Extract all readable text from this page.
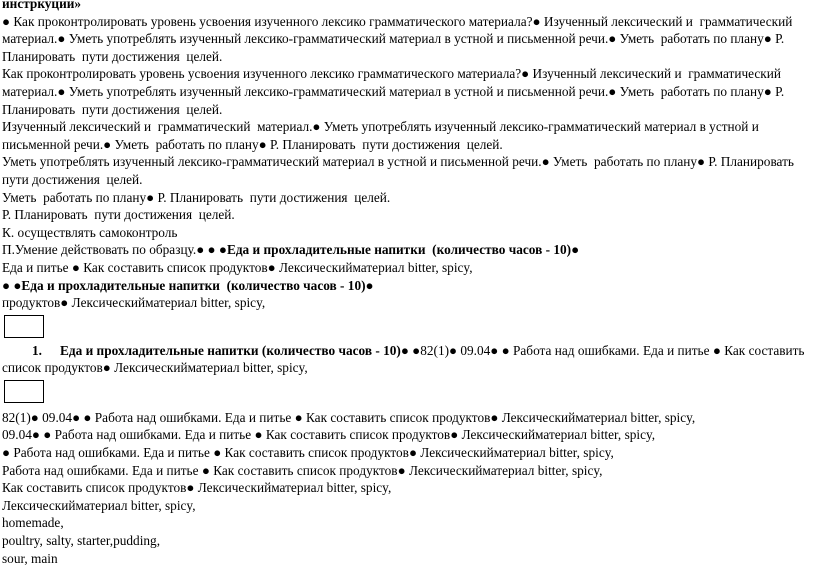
инстркуции»

● Как проконтролировать уровень усвоения изученного лексико грамматического материала?● Изученный лексический и  грамматический

материал.● Уметь употреблять изученный лексико-грамматический материал в устной и письменной речи.● Уметь  работать по плану● Р.

Планировать  пути достижения  целей.

Как проконтролировать уровень усвоения изученного лексико грамматического материала?● Изученный лексический и  грамматический

материал.● Уметь употреблять изученный лексико-грамматический материал в устной и письменной речи.● Уметь  работать по плану● Р.

Планировать  пути достижения  целей.

Изученный лексический и  грамматический  материал.● Уметь употреблять изученный лексико-грамматический материал в устной и

письменной речи.● Уметь  работать по плану● Р. Планировать  пути достижения  целей.

Уметь употреблять изученный лексико-грамматический материал в устной и письменной речи.● Уметь  работать по плану● Р. Планировать

пути достижения  целей.

Уметь  работать по плану● Р. Планировать  пути достижения  целей.

Р. Планировать  пути достижения  целей.

К. осуществлять самоконтроль

П.Умение действовать по образцу.● ● ●Еда и прохладительные напитки  (количество часов - 10)●

Еда и питье ● Как составить список продуктов● Лексическийматериал bitter, spicy,

● ●Еда и прохладительные напитки  (количество часов - 10)●

продуктов● Лексическийматериал bitter, spicy,

1.	Еда и прохладительные напитки (количество часов - 10)● ●82(1)● 09.04● ● Работа над ошибками. Еда и питье ● Как составить

список продуктов● Лексическийматериал bitter, spicy,

82(1)● 09.04● ● Работа над ошибками. Еда и питье ● Как составить список продуктов● Лексическийматериал bitter, spicy,

09.04● ● Работа над ошибками. Еда и питье ● Как составить список продуктов● Лексическийматериал bitter, spicy,

● Работа над ошибками. Еда и питье ● Как составить список продуктов● Лексическийматериал bitter, spicy,

Работа над ошибками. Еда и питье ● Как составить список продуктов● Лексическийматериал bitter, spicy,

Как составить список продуктов● Лексическийматериал bitter, spicy,

Лексическийматериал bitter, spicy,

homemade,

poultry, salty, starter,pudding,

sour, main
